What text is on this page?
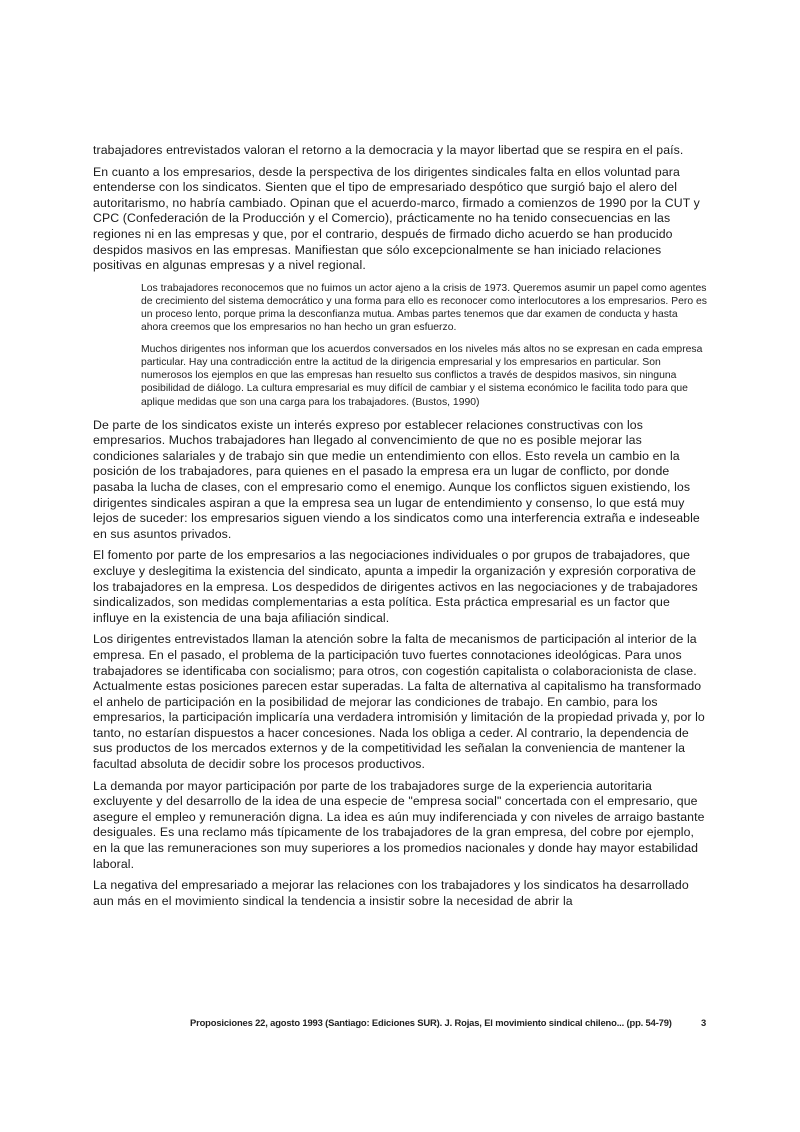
trabajadores entrevistados valoran el retorno a la democracia y la mayor libertad que se respira en el país.

En cuanto a los empresarios, desde la perspectiva de los dirigentes sindicales falta en ellos voluntad para entenderse con los sindicatos. Sienten que el tipo de empresariado despótico que surgió bajo el alero del autoritarismo, no habría cambiado. Opinan que el acuerdo-marco, firmado a comienzos de 1990 por la CUT y CPC (Confederación de la Producción y el Comercio), prácticamente no ha tenido consecuencias en las regiones ni en las empresas y que, por el contrario, después de firmado dicho acuerdo se han producido despidos masivos en las empresas. Manifiestan que sólo excepcionalmente se han iniciado relaciones positivas en algunas empresas y a nivel regional.

Los trabajadores reconocemos que no fuimos un actor ajeno a la crisis de 1973. Queremos asumir un papel como agentes de crecimiento del sistema democrático y una forma para ello es reconocer como interlocutores a los empresarios. Pero es un proceso lento, porque prima la desconfianza mutua. Ambas partes tenemos que dar examen de conducta y hasta ahora creemos que los empresarios no han hecho un gran esfuerzo.

Muchos dirigentes nos informan que los acuerdos conversados en los niveles más altos no se expresan en cada empresa particular. Hay una contradicción entre la actitud de la dirigencia empresarial y los empresarios en particular. Son numerosos los ejemplos en que las empresas han resuelto sus conflictos a través de despidos masivos, sin ninguna posibilidad de diálogo. La cultura empresarial es muy difícil de cambiar y el sistema económico le facilita todo para que aplique medidas que son una carga para los trabajadores. (Bustos, 1990)

De parte de los sindicatos existe un interés expreso por establecer relaciones constructivas con los empresarios. Muchos trabajadores han llegado al convencimiento de que no es posible mejorar las condiciones salariales y de trabajo sin que medie un entendimiento con ellos. Esto revela un cambio en la posición de los trabajadores, para quienes en el pasado la empresa era un lugar de conflicto, por donde pasaba la lucha de clases, con el empresario como el enemigo. Aunque los conflictos siguen existiendo, los dirigentes sindicales aspiran a que la empresa sea un lugar de entendimiento y consenso, lo que está muy lejos de suceder: los empresarios siguen viendo a los sindicatos como una interferencia extraña e indeseable en sus asuntos privados.

El fomento por parte de los empresarios a las negociaciones individuales o por grupos de trabajadores, que excluye y deslegitima la existencia del sindicato, apunta a impedir la organización y expresión corporativa de los trabajadores en la empresa. Los despedidos de dirigentes activos en las negociaciones y de trabajadores sindicalizados, son medidas complementarias a esta política. Esta práctica empresarial es un factor que influye en la existencia de una baja afiliación sindical.

Los dirigentes entrevistados llaman la atención sobre la falta de mecanismos de participación al interior de la empresa. En el pasado, el problema de la participación tuvo fuertes connotaciones ideológicas. Para unos trabajadores se identificaba con socialismo; para otros, con cogestión capitalista o colaboracionista de clase. Actualmente estas posiciones parecen estar superadas. La falta de alternativa al capitalismo ha transformado el anhelo de participación en la posibilidad de mejorar las condiciones de trabajo. En cambio, para los empresarios, la participación implicaría una verdadera intromisión y limitación de la propiedad privada y, por lo tanto, no estarían dispuestos a hacer concesiones. Nada los obliga a ceder. Al contrario, la dependencia de sus productos de los mercados externos y de la competitividad les señalan la conveniencia de mantener la facultad absoluta de decidir sobre los procesos productivos.

La demanda por mayor participación por parte de los trabajadores surge de la experiencia autoritaria excluyente y del desarrollo de la idea de una especie de "empresa social" concertada con el empresario, que asegure el empleo y remuneración digna. La idea es aún muy indiferenciada y con niveles de arraigo bastante desiguales. Es una reclamo más típicamente de los trabajadores de la gran empresa, del cobre por ejemplo, en la que las remuneraciones son muy superiores a los promedios nacionales y donde hay mayor estabilidad laboral.

La negativa del empresariado a mejorar las relaciones con los trabajadores y los sindicatos ha desarrollado aun más en el movimiento sindical la tendencia a insistir sobre la necesidad de abrir la

Proposiciones 22, agosto 1993 (Santiago: Ediciones SUR). J. Rojas, El movimiento sindical chileno... (pp. 54-79)	3
